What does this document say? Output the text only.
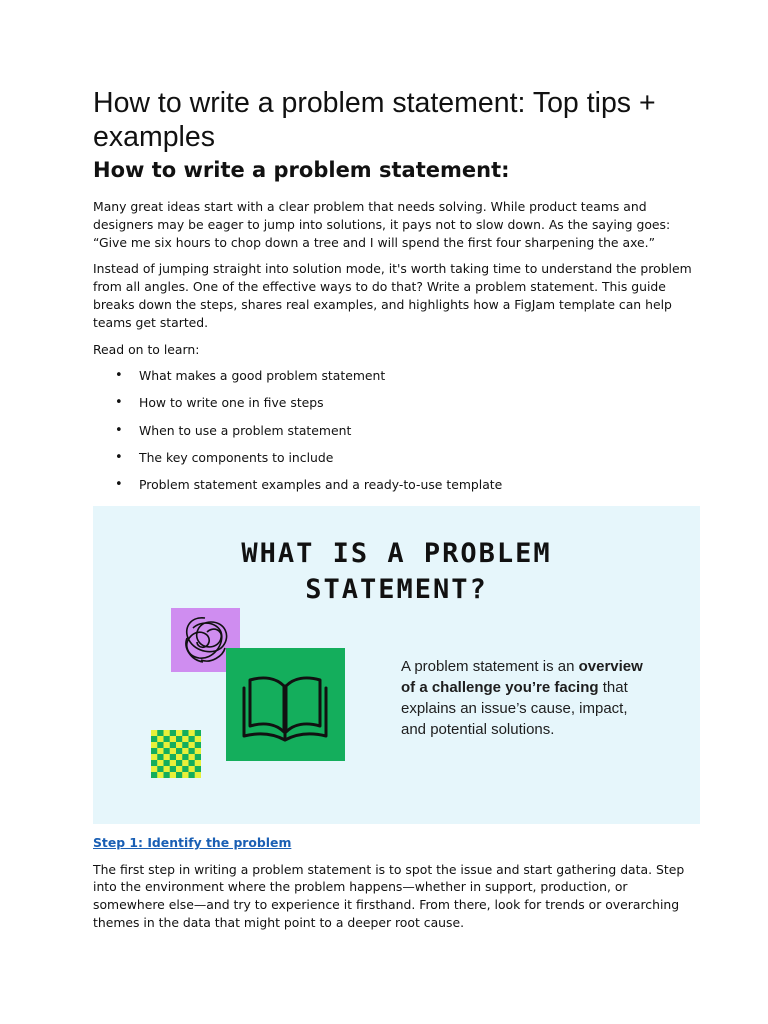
How to write a problem statement: Top tips + examples
How to write a problem statement:

Many great ideas start with a clear problem that needs solving. While product teams and designers may be eager to jump into solutions, it pays not to slow down. As the saying goes: “Give me six hours to chop down a tree and I will spend the first four sharpening the axe.”

Instead of jumping straight into solution mode, it's worth taking time to understand the problem from all angles. One of the effective ways to do that? Write a problem statement. This guide breaks down the steps, shares real examples, and highlights how a FigJam template can help teams get started.

Read on to learn:

• What makes a good problem statement
• How to write one in five steps
• When to use a problem statement
• The key components to include
• Problem statement examples and a ready-to-use template
WHAT IS A PROBLEM
STATEMENT?
A problem statement is an overview of a challenge you’re facing that explains an issue’s cause, impact, and potential solutions.
Step 1: Identify the problem

The first step in writing a problem statement is to spot the issue and start gathering data. Step into the environment where the problem happens—whether in support, production, or somewhere else—and try to experience it firsthand. From there, look for trends or overarching themes in the data that might point to a deeper root cause.
